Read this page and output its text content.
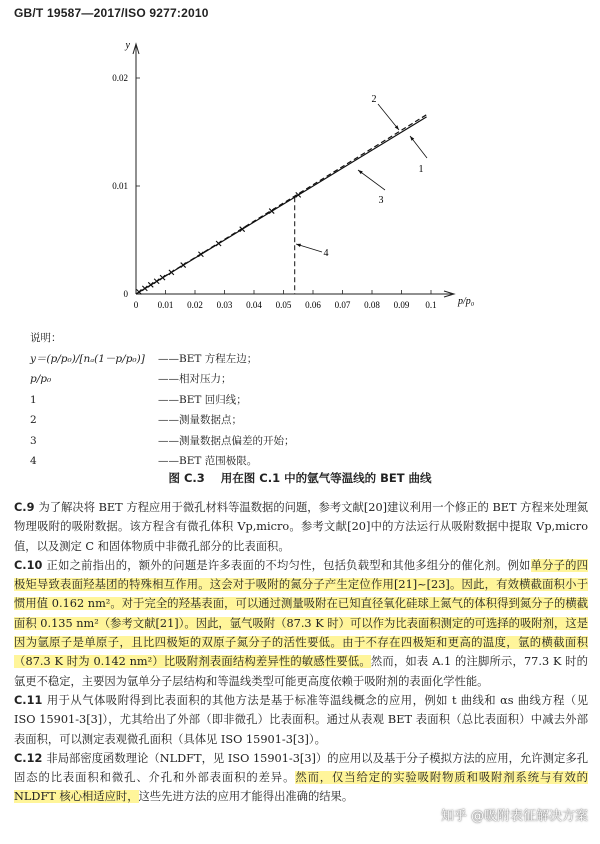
GB/T 19587—2017/ISO 9277:2010
y
p/p₀
0 0.01 0.02 0.03 0.04 0.05 0.06 0.07 0.08 0.09 0.1
0
0.01
0.02
1
2
3
4
说明：
y＝(p/p₀)/[nₐ(1－p/p₀)]	——BET 方程左边；
p/p₀	——相对压力；
1	——BET 回归线；
2	——测量数据点；
3	——测量数据点偏差的开始；
4	——BET 范围极限。
图 C.3 用在图 C.1 中的氩气等温线的 BET 曲线

C.9 为了解决将 BET 方程应用于微孔材料等温数据的问题，参考文献[20]建议利用一个修正的 BET 方程来处理氮物理吸附的吸附数据。该方程含有微孔体积 Vp,micro。参考文献[20]中的方法运行从吸附数据中提取 Vp,micro 值，以及测定 C 和固体物质中非微孔部分的比表面积。

C.10 正如之前指出的，额外的问题是许多表面的不均匀性，包括负载型和其他多组分的催化剂。例如单分子的四极矩导致表面羟基团的特殊相互作用。这会对于吸附的氮分子产生定位作用[21]~[23]。因此，有效横截面积小于惯用值 0.162 nm²。对于完全的羟基表面，可以通过测量吸附在已知直径氧化硅球上氮气的体积得到氮分子的横截面积 0.135 nm²（参考文献[21]）。因此，氩气吸附（87.3 K 时）可以作为比表面积测定的可选择的吸附剂，这是因为氩原子是单原子，且比四极矩的双原子氮分子的活性要低。由于不存在四极矩和更高的温度，氩的横截面积（87.3 K 时为 0.142 nm²）比吸附剂表面结构差异性的敏感性要低。然而，如表 A.1 的注脚所示，77.3 K 时的氩更不稳定，主要因为氩单分子层结构和等温线类型可能更高度依赖于吸附剂的表面化学性能。

C.11 用于从气体吸附得到比表面积的其他方法是基于标准等温线概念的应用，例如 t 曲线和 αs 曲线方程（见 ISO 15901-3[3]），尤其给出了外部（即非微孔）比表面积。通过从表观 BET 表面积（总比表面积）中减去外部表面积，可以测定表观微孔面积（具体见 ISO 15901-3[3]）。

C.12 非局部密度函数理论（NLDFT，见 ISO 15901-3[3]）的应用以及基于分子模拟方法的应用，允许测定多孔固态的比表面积和微孔、介孔和外部表面积的差异。然而，仅当给定的实验吸附物质和吸附剂系统与有效的 NLDFT 核心相适应时，这些先进方法的应用才能得出准确的结果。

知乎 @吸附表征解决方案
